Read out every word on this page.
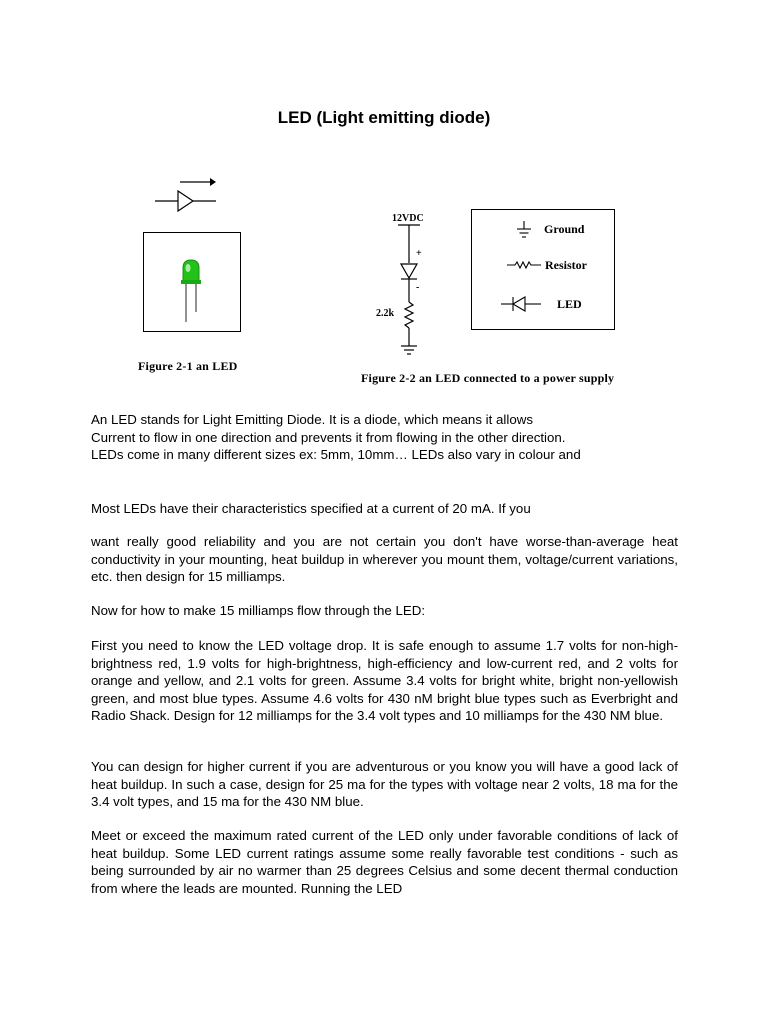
LED (Light emitting diode)
Figure 2-1 an LED
12VDC
+
-
2.2k
Ground
Resistor
LED
Figure 2-2 an LED connected to a power supply
An LED stands for Light Emitting Diode. It is a diode, which means it allows
Current to flow in one direction and prevents it from flowing in the other direction.
LEDs come in many different sizes ex: 5mm, 10mm… LEDs also vary in colour and

Most LEDs have their characteristics specified at a current of 20 mA. If you

want really good reliability and you are not certain you don't have worse-than-average heat conductivity in your mounting, heat buildup in wherever you mount them, voltage/current variations, etc. then design for 15 milliamps.

Now for how to make 15 milliamps flow through the LED:

First you need to know the LED voltage drop. It is safe enough to assume 1.7 volts for non-high-brightness red, 1.9 volts for high-brightness, high-efficiency and low-current red, and 2 volts for orange and yellow, and 2.1 volts for green. Assume 3.4 volts for bright white, bright non-yellowish green, and most blue types. Assume 4.6 volts for 430 nM bright blue types such as Everbright and Radio Shack. Design for 12 milliamps for the 3.4 volt types and 10 milliamps for the 430 NM blue.

You can design for higher current if you are adventurous or you know you will have a good lack of heat buildup. In such a case, design for 25 ma for the types with voltage near 2 volts, 18 ma for the 3.4 volt types, and 15 ma for the 430 NM blue.

Meet or exceed the maximum rated current of the LED only under favorable conditions of lack of heat buildup. Some LED current ratings assume some really favorable test conditions - such as being surrounded by air no warmer than 25 degrees Celsius and some decent thermal conduction from where the leads are mounted. Running the LED
